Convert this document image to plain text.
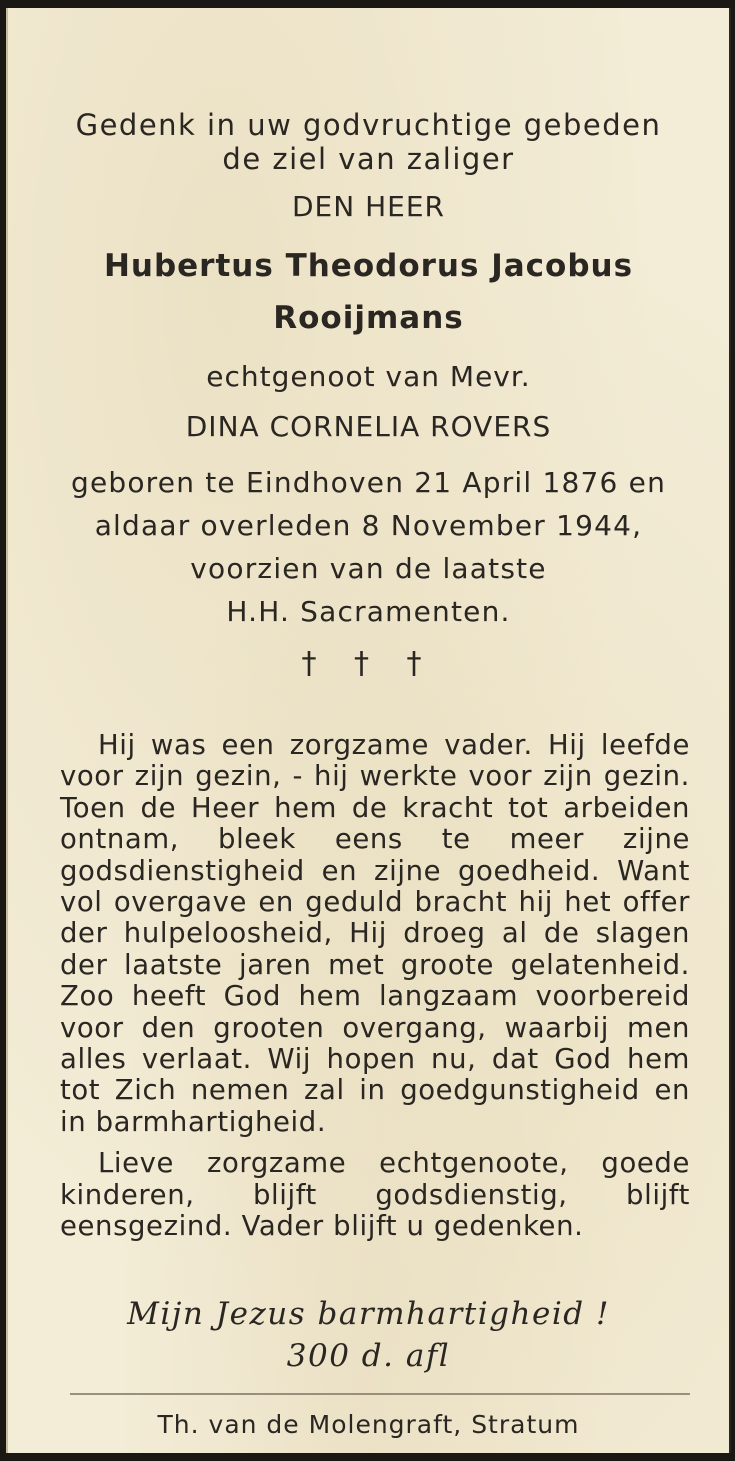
Gedenk in uw godvruchtige gebeden
de ziel van zaliger
DEN HEER
Hubertus Theodorus Jacobus
Rooijmans
echtgenoot van Mevr.
DINA CORNELIA ROVERS
geboren te Eindhoven 21 April 1876 en
aldaar overleden 8 November 1944,
voorzien van de laatste
H.H. Sacramenten.
† † †

Hij was een zorgzame vader. Hij leefde voor zijn gezin, - hij werkte voor zijn gezin. Toen de Heer hem de kracht tot arbeiden ontnam, bleek eens te meer zijne godsdienstigheid en zijne goedheid. Want vol overgave en geduld bracht hij het offer der hulpeloosheid, Hij droeg al de slagen der laatste jaren met groote gelatenheid. Zoo heeft God hem langzaam voorbereid voor den grooten overgang, waarbij men alles verlaat. Wij hopen nu, dat God hem tot Zich nemen zal in goedgunstigheid en in barmhartigheid.

Lieve zorgzame echtgenoote, goede kinderen, blijft godsdienstig, blijft eensgezind. Vader blijft u gedenken.

Mijn Jezus barmhartigheid !
300 d. afl
Th. van de Molengraft, Stratum
